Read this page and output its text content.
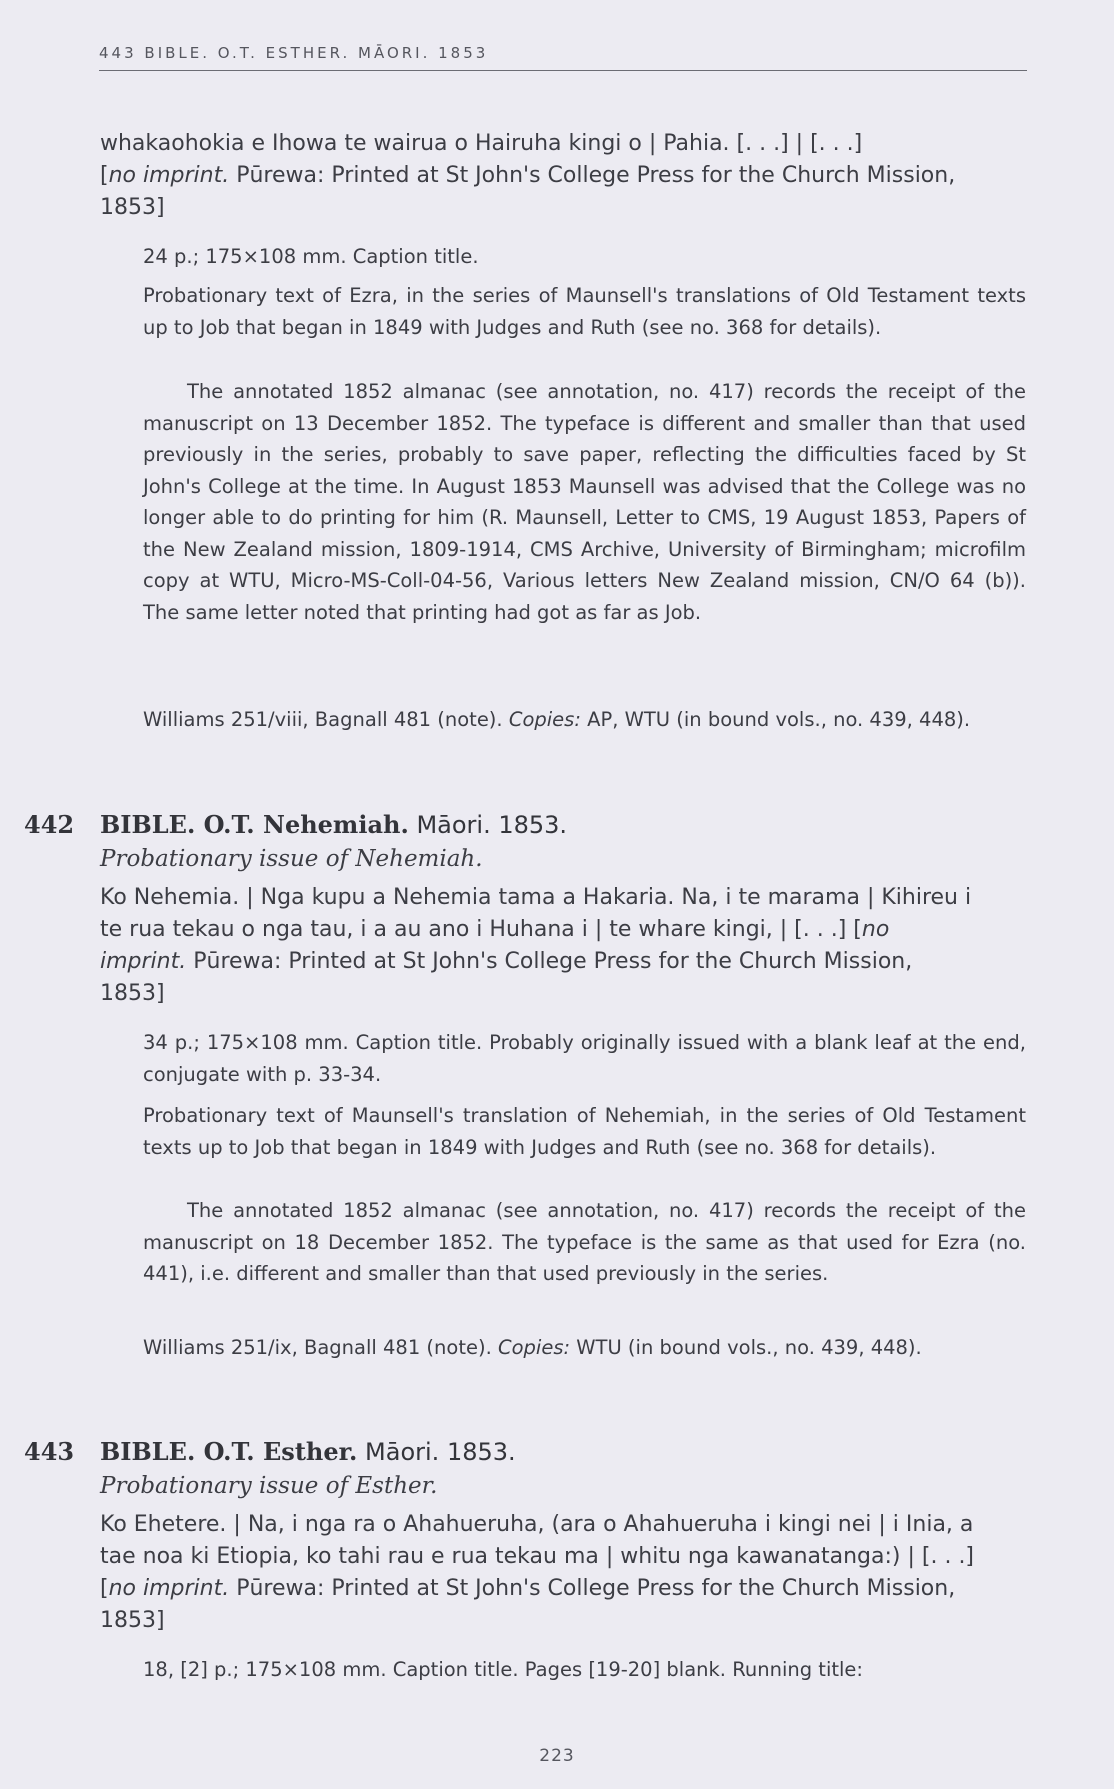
443 BIBLE. O.T. ESTHER. MĀORI. 1853

whakaohokia e Ihowa te wairua o Hairuha kingi o | Pahia. [. . .] | [. . .]
[no imprint. Pūrewa: Printed at St John's College Press for the Church Mission, 1853]

24 p.; 175×108 mm. Caption title.

Probationary text of Ezra, in the series of Maunsell's translations of Old Testament texts up to Job that began in 1849 with Judges and Ruth (see no. 368 for details).

The annotated 1852 almanac (see annotation, no. 417) records the receipt of the manuscript on 13 December 1852. The typeface is different and smaller than that used previously in the series, probably to save paper, reflecting the difficulties faced by St John's College at the time. In August 1853 Maunsell was advised that the College was no longer able to do printing for him (R. Maunsell, Letter to CMS, 19 August 1853, Papers of the New Zealand mission, 1809-1914, CMS Archive, University of Birmingham; microfilm copy at WTU, Micro-MS-Coll-04-56, Various letters New Zealand mission, CN/O 64 (b)). The same letter noted that printing had got as far as Job.

Williams 251/viii, Bagnall 481 (note). Copies: AP, WTU (in bound vols., no. 439, 448).

442 BIBLE. O.T. Nehemiah. Māori. 1853.
Probationary issue of Nehemiah.

Ko Nehemia. | Nga kupu a Nehemia tama a Hakaria. Na, i te marama | Kihireu i te rua tekau o nga tau, i a au ano i Huhana i | te whare kingi, | [. . .] [no imprint. Pūrewa: Printed at St John's College Press for the Church Mission, 1853]

34 p.; 175×108 mm. Caption title. Probably originally issued with a blank leaf at the end, conjugate with p. 33-34.

Probationary text of Maunsell's translation of Nehemiah, in the series of Old Testament texts up to Job that began in 1849 with Judges and Ruth (see no. 368 for details).

The annotated 1852 almanac (see annotation, no. 417) records the receipt of the manuscript on 18 December 1852. The typeface is the same as that used for Ezra (no. 441), i.e. different and smaller than that used previously in the series.

Williams 251/ix, Bagnall 481 (note). Copies: WTU (in bound vols., no. 439, 448).

443 BIBLE. O.T. Esther. Māori. 1853.
Probationary issue of Esther.

Ko Ehetere. | Na, i nga ra o Ahahueruha, (ara o Ahahueruha i kingi nei | i Inia, a tae noa ki Etiopia, ko tahi rau e rua tekau ma | whitu nga kawanatanga:) | [. . .] [no imprint. Pūrewa: Printed at St John's College Press for the Church Mission, 1853]

18, [2] p.; 175×108 mm. Caption title. Pages [19-20] blank. Running title:

223
